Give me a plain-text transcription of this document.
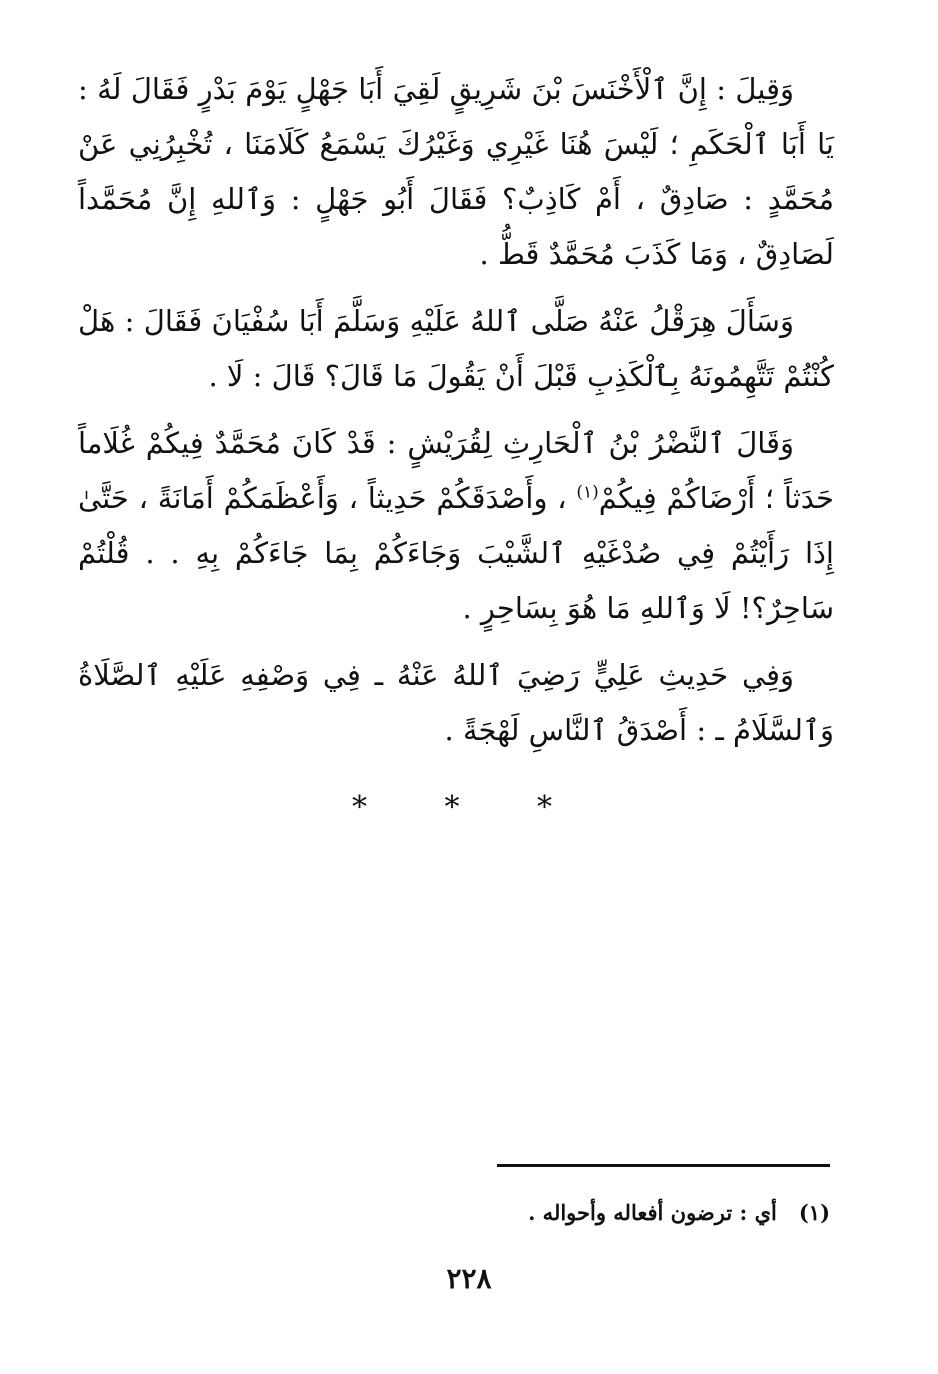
وَقِيلَ : إِنَّ ٱلْأَخْنَسَ بْنَ شَرِيقٍ لَقِيَ أَبَا جَهْلٍ يَوْمَ بَدْرٍ فَقَالَ لَهُ : يَا أَبَا ٱلْحَكَمِ ؛ لَيْسَ هُنَا غَيْرِي وَغَيْرُكَ يَسْمَعُ كَلَامَنَا ، تُخْبِرُنِي عَنْ مُحَمَّدٍ : صَادِقٌ ، أَمْ كَاذِبٌ؟ فَقَالَ أَبُو جَهْلٍ : وَٱللهِ إِنَّ مُحَمَّداً لَصَادِقٌ ، وَمَا كَذَبَ مُحَمَّدٌ قَطُّ .

وَسَأَلَ هِرَقْلُ عَنْهُ صَلَّى ٱللهُ عَلَيْهِ وَسَلَّمَ أَبَا سُفْيَانَ فَقَالَ : هَلْ كُنْتُمْ تَتَّهِمُونَهُ بِٱلْكَذِبِ قَبْلَ أَنْ يَقُولَ مَا قَالَ؟ قَالَ : لَا .

وَقَالَ ٱلنَّضْرُ بْنُ ٱلْحَارِثِ لِقُرَيْشٍ : قَدْ كَانَ مُحَمَّدٌ فِيكُمْ غُلَاماً حَدَثاً ؛ أَرْضَاكُمْ فِيكُمْ$^{(١)}$ ، وأَصْدَقَكُمْ حَدِيثاً ، وَأَعْظَمَكُمْ أَمَانَةً ، حَتَّىٰ إِذَا رَأَيْتُمْ فِي صُدْغَيْهِ ٱلشَّيْبَ وَجَاءَكُمْ بِمَا جَاءَكُمْ بِهِ . . قُلْتُمْ سَاحِرٌ؟! لَا وَٱللهِ مَا هُوَ بِسَاحِرٍ .

وَفِي حَدِيثِ عَلِيٍّ رَضِيَ ٱللهُ عَنْهُ ـ فِي وَصْفِهِ عَلَيْهِ ٱلصَّلَاةُ وَٱلسَّلَامُ ـ : أَصْدَقُ ٱلنَّاسِ لَهْجَةً .

* * *
(١)أي : ترضون أفعاله وأحواله .
٢٢٨
